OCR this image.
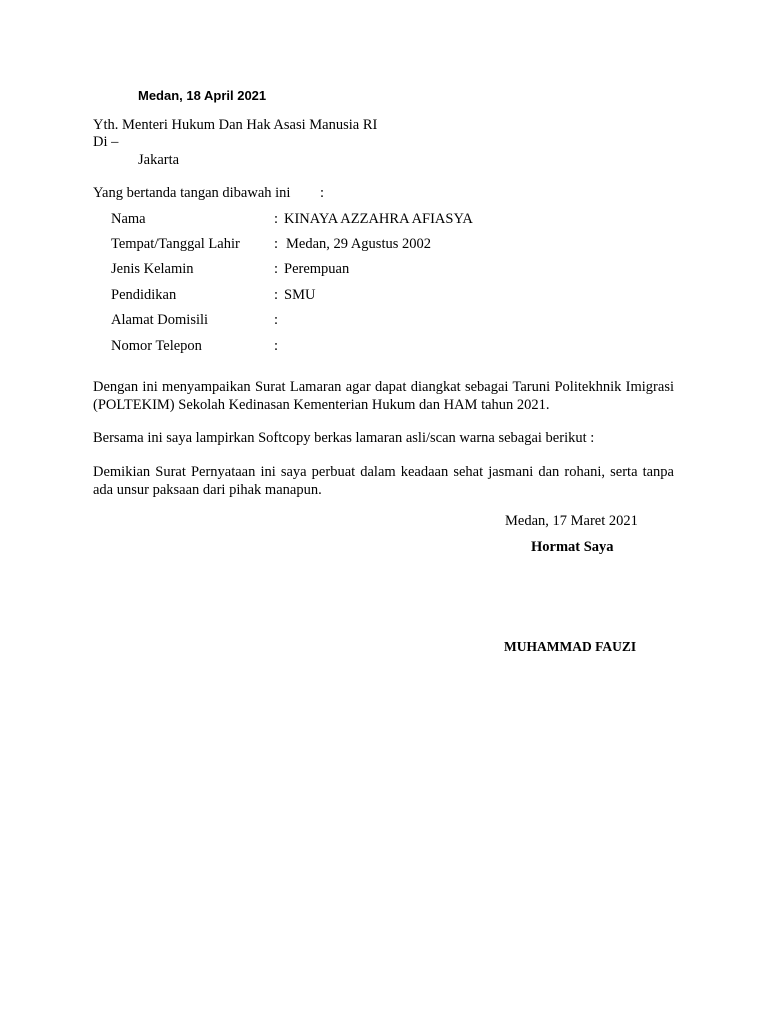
Medan, 18 April 2021
Yth. Menteri Hukum Dan Hak Asasi Manusia RI
Di –
Jakarta
Yang bertanda tangan dibawah ini :
Nama	: KINAYA AZZAHRA AFIASYA
Tempat/Tanggal Lahir : Medan, 29 Agustus 2002
Jenis Kelamin	: Perempuan
Pendidikan	: SMU
Alamat Domisili	:
Nomor Telepon	:
Dengan ini menyampaikan Surat Lamaran agar dapat diangkat sebagai Taruni Politekhnik Imigrasi (POLTEKIM) Sekolah Kedinasan Kementerian Hukum dan HAM tahun 2021.
Bersama ini saya lampirkan Softcopy berkas lamaran asli/scan warna sebagai berikut :
Demikian Surat Pernyataan ini saya perbuat dalam keadaan sehat jasmani dan rohani, serta tanpa ada unsur paksaan dari pihak manapun.
Medan, 17 Maret 2021
Hormat Saya
MUHAMMAD FAUZI
